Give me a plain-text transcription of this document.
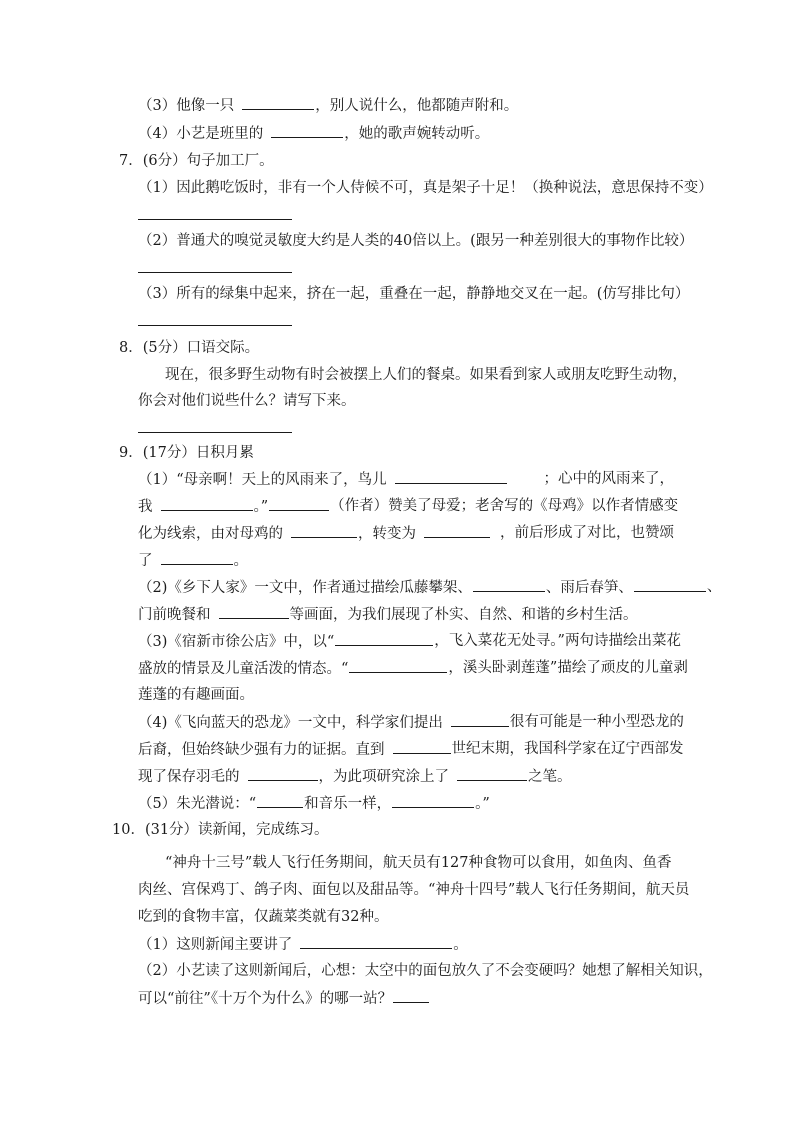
（3）他像一只	，别人说什么，他都随声附和。
（4）小艺是班里的	，她的歌声婉转动听。
7．(6分）句子加工厂。
（1）因此鹅吃饭时，非有一个人侍候不可，真是架子十足！（换种说法，意思保持不变）
（2）普通犬的嗅觉灵敏度大约是人类的40倍以上。(跟另一种差别很大的事物作比较）
（3）所有的绿集中起来，挤在一起，重叠在一起，静静地交叉在一起。(仿写排比句）
8．(5分）口语交际。
现在，很多野生动物有时会被摆上人们的餐桌。如果看到家人或朋友吃野生动物，
你会对他们说些什么？请写下来。
9．(17分）日积月累
（1）“母亲啊！天上的风雨来了，鸟儿	；心中的风雨来了，
我	。”	（作者）赞美了母爱；老舍写的《母鸡》以作者情感变
化为线索，由对母鸡的	，转变为	，前后形成了对比，也赞颂
了	。
（2)《乡下人家》一文中，作者通过描绘瓜藤攀架、	、雨后春笋、	、
门前晚餐和	等画面，为我们展现了朴实、自然、和谐的乡村生活。
（3)《宿新市徐公店》中，以“	，飞入菜花无处寻。”两句诗描绘出菜花
盛放的情景及儿童活泼的情态。“	，溪头卧剥莲蓬”描绘了顽皮的儿童剥
莲蓬的有趣画面。
（4)《飞向蓝天的恐龙》一文中，科学家们提出	很有可能是一种小型恐龙的
后裔，但始终缺少强有力的证据。直到	世纪末期，我国科学家在辽宁西部发
现了保存羽毛的	，为此项研究涂上了	之笔。
（5）朱光潜说：“	和音乐一样，	。”
10．(31分）读新闻，完成练习。
“神舟十三号”载人飞行任务期间，航天员有127种食物可以食用，如鱼肉、鱼香
肉丝、宫保鸡丁、鸽子肉、面包以及甜品等。“神舟十四号”载人飞行任务期间，航天员
吃到的食物丰富，仅蔬菜类就有32种。
（1）这则新闻主要讲了	。
（2）小艺读了这则新闻后，心想：太空中的面包放久了不会变硬吗？她想了解相关知识，
可以“前往”《十万个为什么》的哪一站？
